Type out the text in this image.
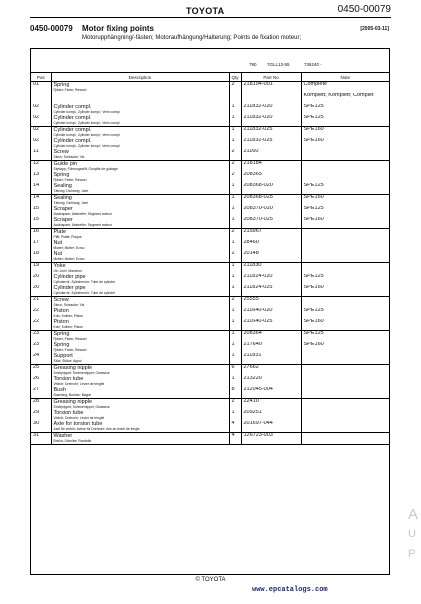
TOYOTA	0450-00079
0450-00079 Motor fixing points	[2005-03-11]
Motorupphängning/-fästen; Motoraufhängung/Halterung; Points de fixation moteur;
790 7GLL13-55	736240 -
Pos	Description	Qty	Part No	Note
01	Spring
Fjäder; Feder; Ressort	2	218194-001	Complete

			Komplett; Komplett; Complet
02	Cylinder compl.
Cylinder kompl.; Zylinder kompl.; Verin compl.	1	211832-020	SPE125
02	Cylinder compl.
Cylinder kompl.; Zylinder kompl.; Verin compl.	1	211832-020	SPE125
02	Cylinder compl.
Cylinder kompl.; Zylinder kompl.; Verin compl.	1	211832-025	SPE160
02	Cylinder compl.
Cylinder kompl.; Zylinder kompl.; Verin compl.	1	211832-025	SPE160
11	Screw
Skruv; Schraube; Vis	2	21160	
12	Guide pin
Styrtapp; Führungsstift; Goupille de guidage	2	218184	
13	Spring
Fjäder; Feder; Ressort	2	208365	
14	Sealing
Tätning; Dichtung; Joint	1	208368-020	SPE125
14	Sealing
Tätning; Dichtung; Joint	1	208368-025	SPE160
15	Scraper
Avskrapare; Abstreifer; Segment racleur	1	208370-020	SPE125
15	Scraper
Avskrapare; Abstreifer; Segment racleur	1	208370-025	SPE160
16	Plate
Plåt; Platte; Plaque	2	215967	
17	Nut
Mutter; Mutter; Ecrou	1	28460	
18	Nut
Mutter; Mutter; Ecrou	2	20148	
19	Yoke
Ok; Joch; Manchon	1	211830	
20	Cylinder pipe
Cylinderrör; Zylinderrohr; Tube de cylindre	1	211824-020	SPE125
20	Cylinder pipe
Cylinderrör; Zylinderrohr; Tube de cylindre	1	211824-025	SPE160
21	Screw
Skruv; Schraube; Vis	2	25555	
22	Piston
Kolv; Kolben; Piston	1	211640-020	SPE125
22	Piston
Kolv; Kolben; Piston	1	211640-025	SPE160
23	Spring
Fjäder; Feder; Ressort	1	208364	SPE125
23	Spring
Fjäder; Feder; Ressort	1	217640	SPE160
24	Support
Stöd; Stütze; Appui	1	211831	
25	Greasing nipple
Smörjnippel; Schmiernippel; Graisseur	6	27662	
26	Torsion tube
Vridrör; Drehrohr; Levier de tringlel	1	213220	
27	Bush
Bussning; Buchse; Bague	8	212045-004	
28	Greasing nipple
Smörjnippel; Schmiernippel; Graisseur	2	22410	
29	Torsion tube
Vridrör; Drehrohr; Levier de tringlel	1	209251	
30	Axle for torsion tube
Axel för vridrör; Achse für Drehrohr; Axe du levier de tringle	4	201697-044	
31	Washer
Bricka; Scheibe; Rondelle	4	126723-003	
© TOYOTA
www.epcatalogs.com
A
U
P
